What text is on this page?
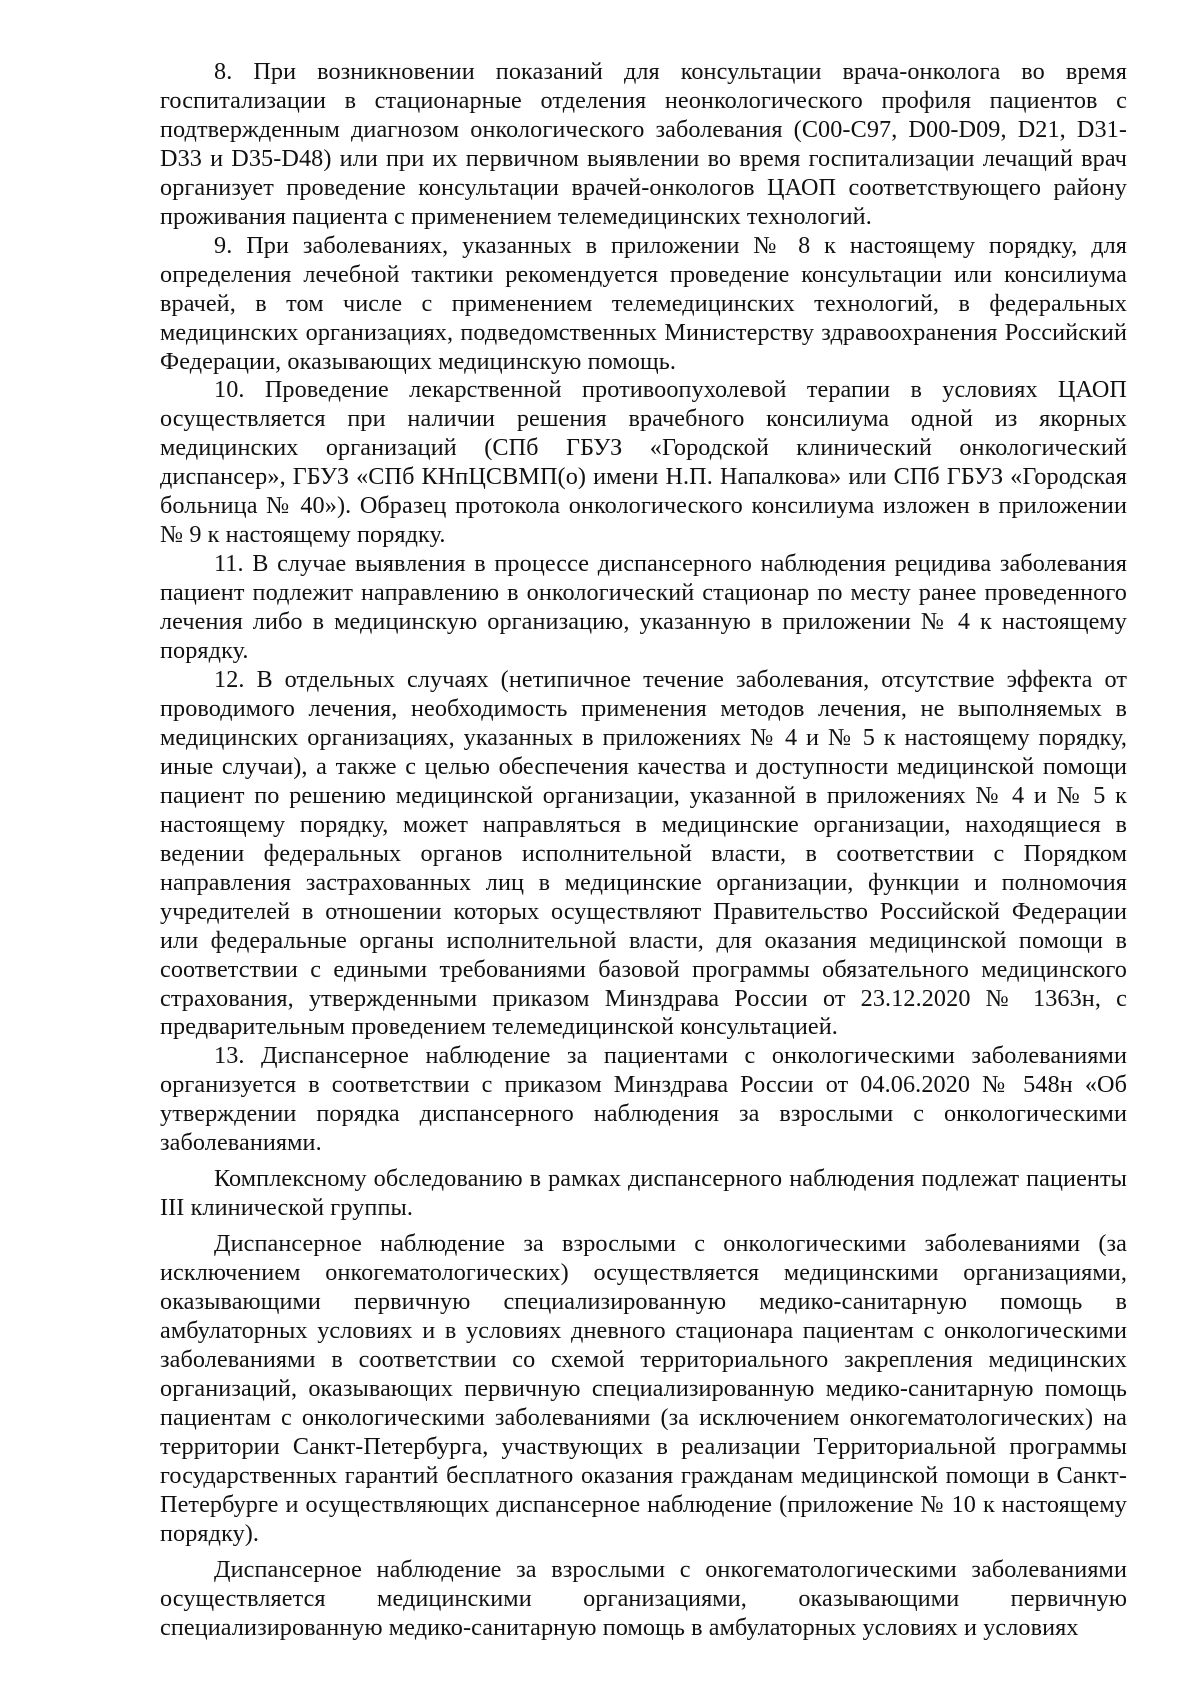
8. При возникновении показаний для консультации врача-онколога во время госпитализации в стационарные отделения неонкологического профиля пациентов с подтвержденным диагнозом онкологического заболевания (С00-С97, D00-D09, D21, D31-D33 и D35-D48) или при их первичном выявлении во время госпитализации лечащий врач организует проведение консультации врачей-онкологов ЦАОП соответствующего району проживания пациента с применением телемедицинских технологий.

9. При заболеваниях, указанных в приложении № 8 к настоящему порядку, для определения лечебной тактики рекомендуется проведение консультации или консилиума врачей, в том числе с применением телемедицинских технологий, в федеральных медицинских организациях, подведомственных Министерству здравоохранения Российский Федерации, оказывающих медицинскую помощь.

10. Проведение лекарственной противоопухолевой терапии в условиях ЦАОП осуществляется при наличии решения врачебного консилиума одной из якорных медицинских организаций (СПб ГБУЗ «Городской клинический онкологический диспансер», ГБУЗ «СПб КНпЦСВМП(о) имени Н.П. Напалкова» или СПб ГБУЗ «Городская больница № 40»). Образец протокола онкологического консилиума изложен в приложении № 9 к настоящему порядку.

11. В случае выявления в процессе диспансерного наблюдения рецидива заболевания пациент подлежит направлению в онкологический стационар по месту ранее проведенного лечения либо в медицинскую организацию, указанную в приложении № 4 к настоящему порядку.

12. В отдельных случаях (нетипичное течение заболевания, отсутствие эффекта от проводимого лечения, необходимость применения методов лечения, не выполняемых в медицинских организациях, указанных в приложениях № 4 и № 5 к настоящему порядку, иные случаи), а также с целью обеспечения качества и доступности медицинской помощи пациент по решению медицинской организации, указанной в приложениях № 4 и № 5 к настоящему порядку, может направляться в медицинские организации, находящиеся в ведении федеральных органов исполнительной власти, в соответствии с Порядком направления застрахованных лиц в медицинские организации, функции и полномочия учредителей в отношении которых осуществляют Правительство Российской Федерации или федеральные органы исполнительной власти, для оказания медицинской помощи в соответствии с едиными требованиями базовой программы обязательного медицинского страхования, утвержденными приказом Минздрава России от 23.12.2020 № 1363н, с предварительным проведением телемедицинской консультацией.

13. Диспансерное наблюдение за пациентами с онкологическими заболеваниями организуется в соответствии с приказом Минздрава России от 04.06.2020 № 548н «Об утверждении порядка диспансерного наблюдения за взрослыми с онкологическими заболеваниями.

Комплексному обследованию в рамках диспансерного наблюдения подлежат пациенты III клинической группы.

Диспансерное наблюдение за взрослыми с онкологическими заболеваниями (за исключением онкогематологических) осуществляется медицинскими организациями, оказывающими первичную специализированную медико-санитарную помощь в амбулаторных условиях и в условиях дневного стационара пациентам с онкологическими заболеваниями в соответствии со схемой территориального закрепления медицинских организаций, оказывающих первичную специализированную медико-санитарную помощь пациентам с онкологическими заболеваниями (за исключением онкогематологических) на территории Санкт-Петербурга, участвующих в реализации Территориальной программы государственных гарантий бесплатного оказания гражданам медицинской помощи в Санкт-Петербурге и осуществляющих диспансерное наблюдение (приложение № 10 к настоящему порядку).

Диспансерное наблюдение за взрослыми с онкогематологическими заболеваниями осуществляется медицинскими организациями, оказывающими первичную специализированную медико-санитарную помощь в амбулаторных условиях и условиях
